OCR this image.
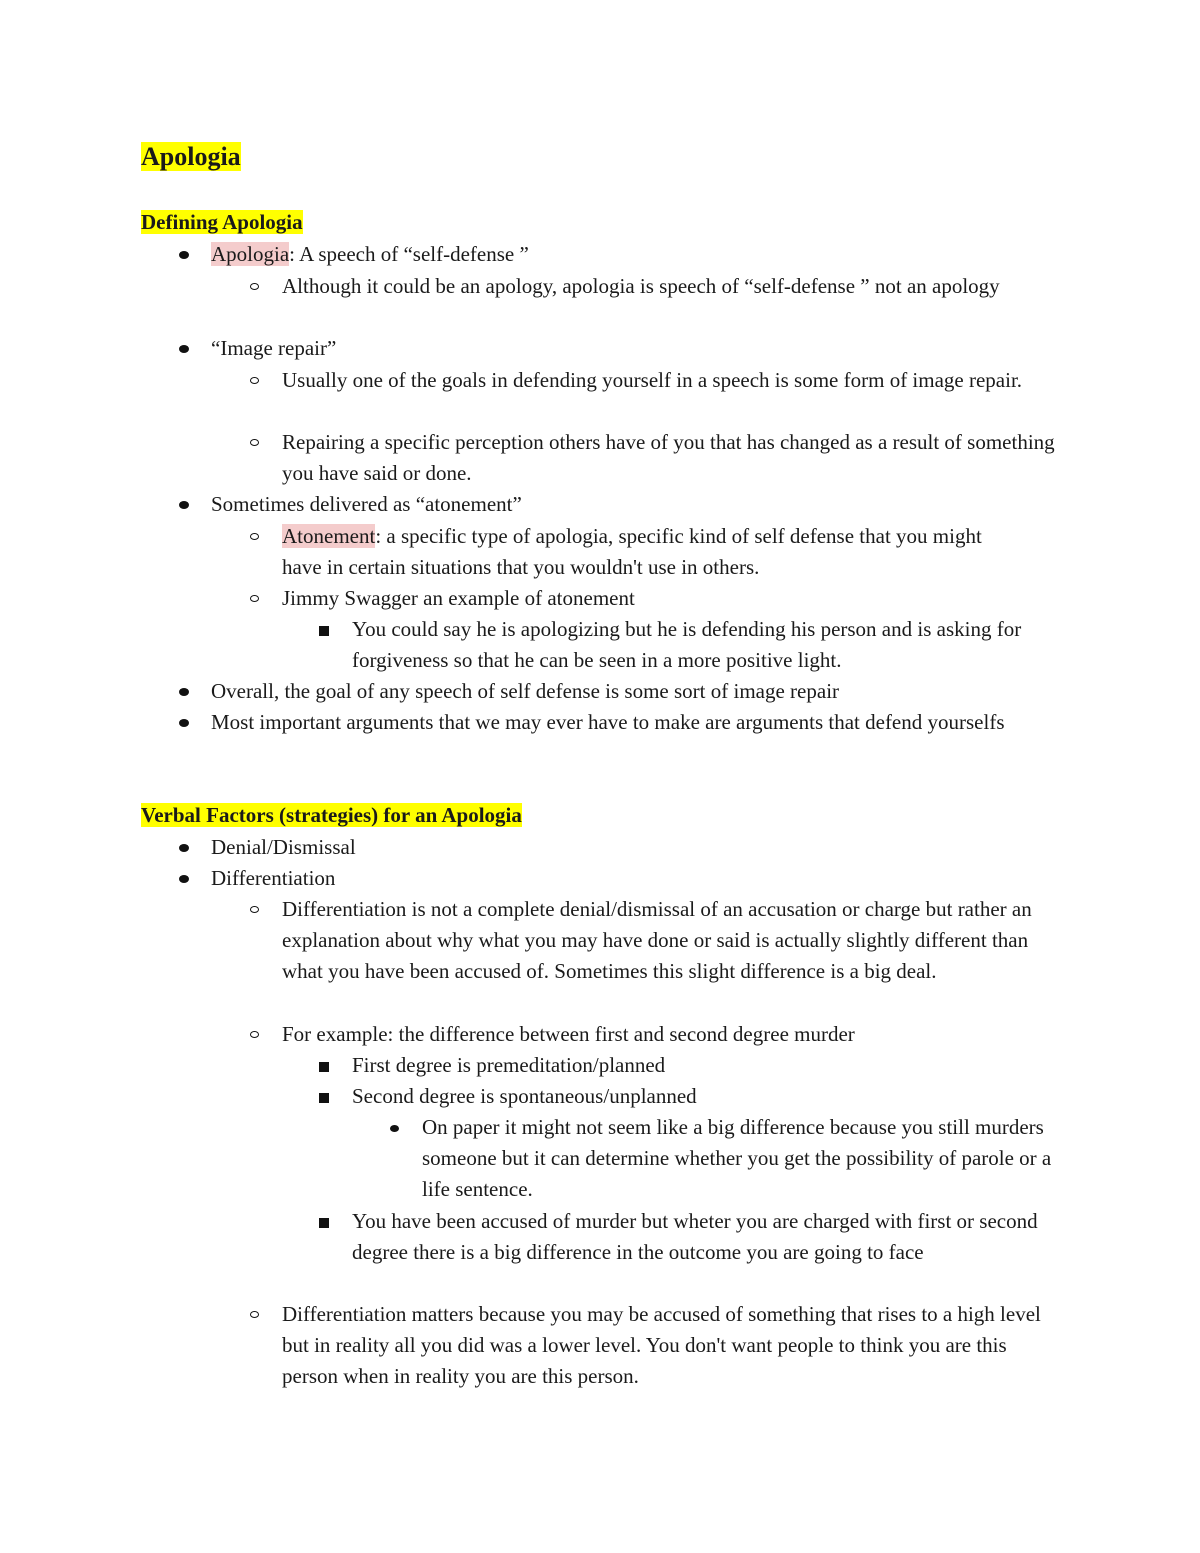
Apologia
Defining Apologia
Apologia: A speech of “self-defense ”
Although it could be an apology, apologia is speech of “self-defense ” not an apology
“Image repair”
Usually one of the goals in defending yourself in a speech is some form of image repair.
Repairing a specific perception others have of you that has changed as a result of something you have said or done.
Sometimes delivered as “atonement”
Atonement: a specific type of apologia, specific kind of self defense that you might have in certain situations that you wouldn't use in others.
Jimmy Swagger an example of atonement
You could say he is apologizing but he is defending his person and is asking for forgiveness so that he can be seen in a more positive light.
Overall, the goal of any speech of self defense is some sort of image repair
Most important arguments that we may ever have to make are arguments that defend yourselfs
Verbal Factors (strategies) for an Apologia
Denial/Dismissal
Differentiation
Differentiation is not a complete denial/dismissal of an accusation or charge but rather an explanation about why what you may have done or said is actually slightly different than what you have been accused of. Sometimes this slight difference is a big deal.
For example: the difference between first and second degree murder
First degree is premeditation/planned
Second degree is spontaneous/unplanned
On paper it might not seem like a big difference because you still murders someone but it can determine whether you get the possibility of parole or a life sentence.
You have been accused of murder but wheter you are charged with first or second degree there is a big difference in the outcome you are going to face
Differentiation matters because you may be accused of something that rises to a high level but in reality all you did was a lower level. You don't want people to think you are this person when in reality you are this person.
